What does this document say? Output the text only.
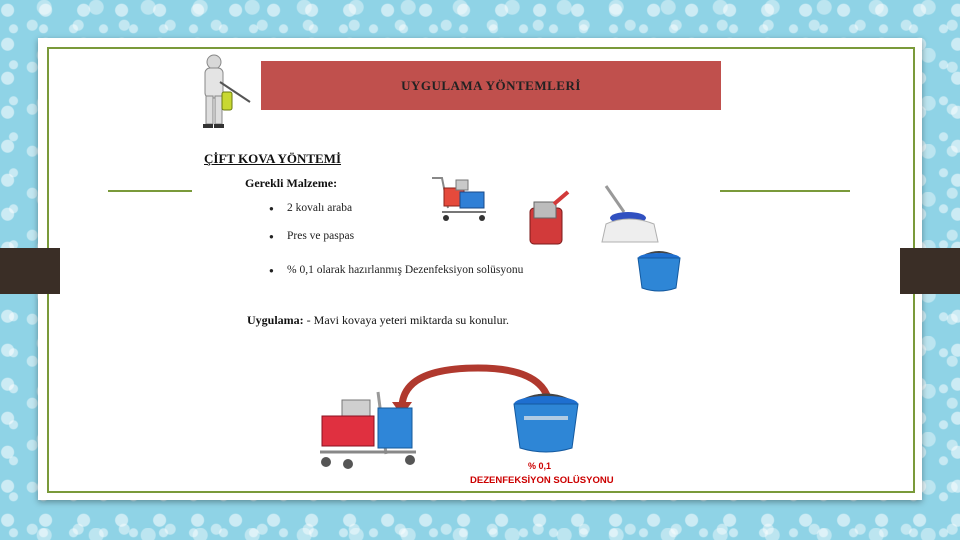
UYGULAMA YÖNTEMLERİ
ÇİFT KOVA YÖNTEMİ
Gerekli Malzeme:
● 2 kovalı araba
● Pres ve paspas
● % 0,1 olarak hazırlanmış Dezenfeksiyon solüsyonu
Uygulama: - Mavi kovaya yeteri miktarda su konulur.
% 0,1
DEZENFEKSİYON SOLÜSYONU
